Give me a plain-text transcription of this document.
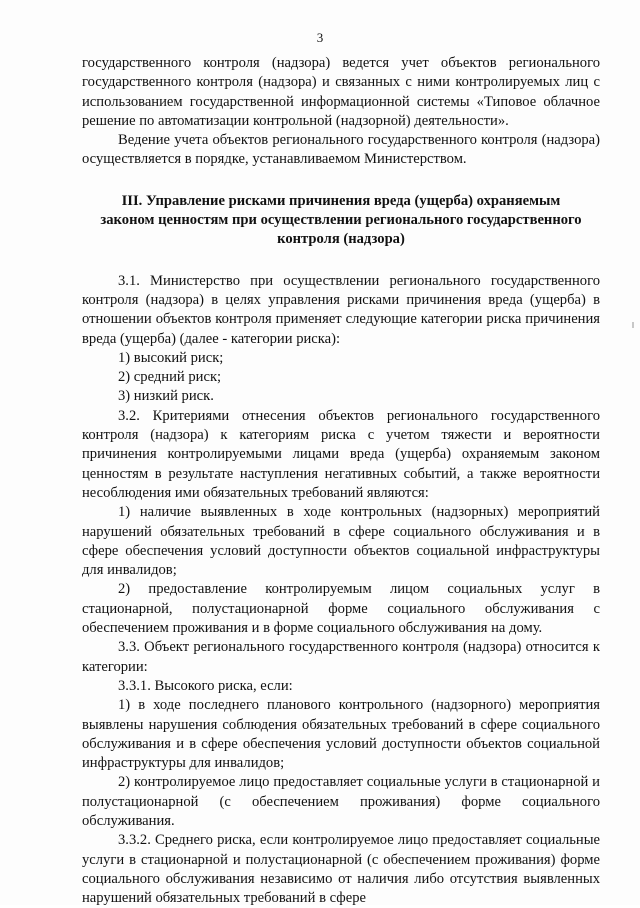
3

государственного контроля (надзора) ведется учет объектов регионального государственного контроля (надзора) и связанных с ними контролируемых лиц с использованием государственной информационной системы «Типовое облачное решение по автоматизации контрольной (надзорной) деятельности».

Ведение учета объектов регионального государственного контроля (надзора) осуществляется в порядке, устанавливаемом Министерством.

III. Управление рисками причинения вреда (ущерба) охраняемым законом ценностям при осуществлении регионального государственного контроля (надзора)

3.1. Министерство при осуществлении регионального государственного контроля (надзора) в целях управления рисками причинения вреда (ущерба) в отношении объектов контроля применяет следующие категории риска причинения вреда (ущерба) (далее - категории риска):

1) высокий риск;

2) средний риск;

3) низкий риск.

3.2. Критериями отнесения объектов регионального государственного контроля (надзора) к категориям риска с учетом тяжести и вероятности причинения контролируемыми лицами вреда (ущерба) охраняемым законом ценностям в результате наступления негативных событий, а также вероятности несоблюдения ими обязательных требований являются:

1) наличие выявленных в ходе контрольных (надзорных) мероприятий нарушений обязательных требований в сфере социального обслуживания и в сфере обеспечения условий доступности объектов социальной инфраструктуры для инвалидов;

2) предоставление контролируемым лицом социальных услуг в стационарной, полустационарной форме социального обслуживания с обеспечением проживания и в форме социального обслуживания на дому.

3.3. Объект регионального государственного контроля (надзора) относится к категории:

3.3.1. Высокого риска, если:

1) в ходе последнего планового контрольного (надзорного) мероприятия выявлены нарушения соблюдения обязательных требований в сфере социального обслуживания и в сфере обеспечения условий доступности объектов социальной инфраструктуры для инвалидов;

2) контролируемое лицо предоставляет социальные услуги в стационарной и полустационарной (с обеспечением проживания) форме социального обслуживания.

3.3.2. Среднего риска, если контролируемое лицо предоставляет социальные услуги в стационарной и полустационарной (с обеспечением проживания) форме социального обслуживания независимо от наличия либо отсутствия выявленных нарушений обязательных требований в сфере
